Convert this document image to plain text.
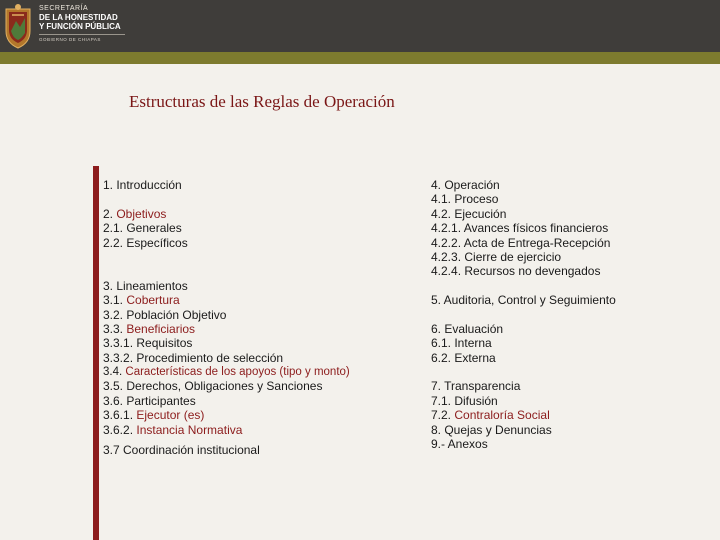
SECRETARÍA
DE LA HONESTIDAD
Y FUNCIÓN PÚBLICA
GOBIERNO DE CHIAPAS
Estructuras de las Reglas de Operación
1. Introducción
2. Objetivos
2.1. Generales
2.2. Específicos
3. Lineamientos
3.1. Cobertura
3.2. Población Objetivo
3.3. Beneficiarios
3.3.1. Requisitos
3.3.2. Procedimiento de selección
3.4. Características de los apoyos (tipo y monto)
3.5. Derechos, Obligaciones y Sanciones
3.6. Participantes
3.6.1. Ejecutor (es)
3.6.2. Instancia Normativa
3.7 Coordinación institucional
4. Operación
4.1. Proceso
4.2. Ejecución
4.2.1. Avances físicos financieros
4.2.2. Acta de Entrega-Recepción
4.2.3. Cierre de ejercicio
4.2.4. Recursos no devengados
5. Auditoria, Control y Seguimiento
6. Evaluación
6.1. Interna
6.2. Externa
7. Transparencia
7.1. Difusión
7.2. Contraloría Social
8. Quejas y Denuncias
9.- Anexos
